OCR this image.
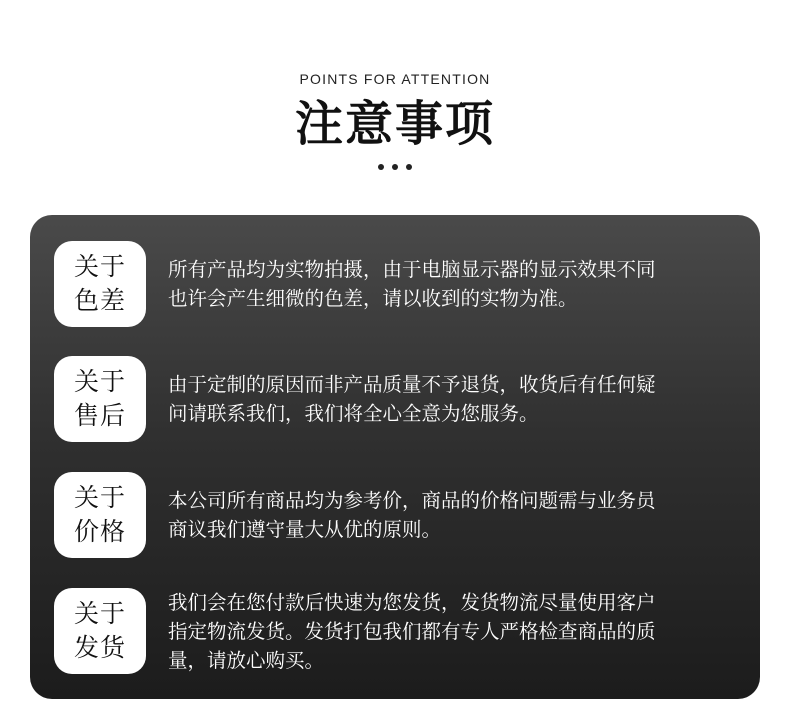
POINTS FOR ATTENTION
注意事项
关于
色差
所有产品均为实物拍摄，由于电脑显示器的显示效果不同
也许会产生细微的色差，请以收到的实物为准。
关于
售后
由于定制的原因而非产品质量不予退货，收货后有任何疑
问请联系我们，我们将全心全意为您服务。
关于
价格
本公司所有商品均为参考价，商品的价格问题需与业务员
商议我们遵守量大从优的原则。
关于
发货
我们会在您付款后快速为您发货，发货物流尽量使用客户
指定物流发货。发货打包我们都有专人严格检查商品的质
量，请放心购买。
